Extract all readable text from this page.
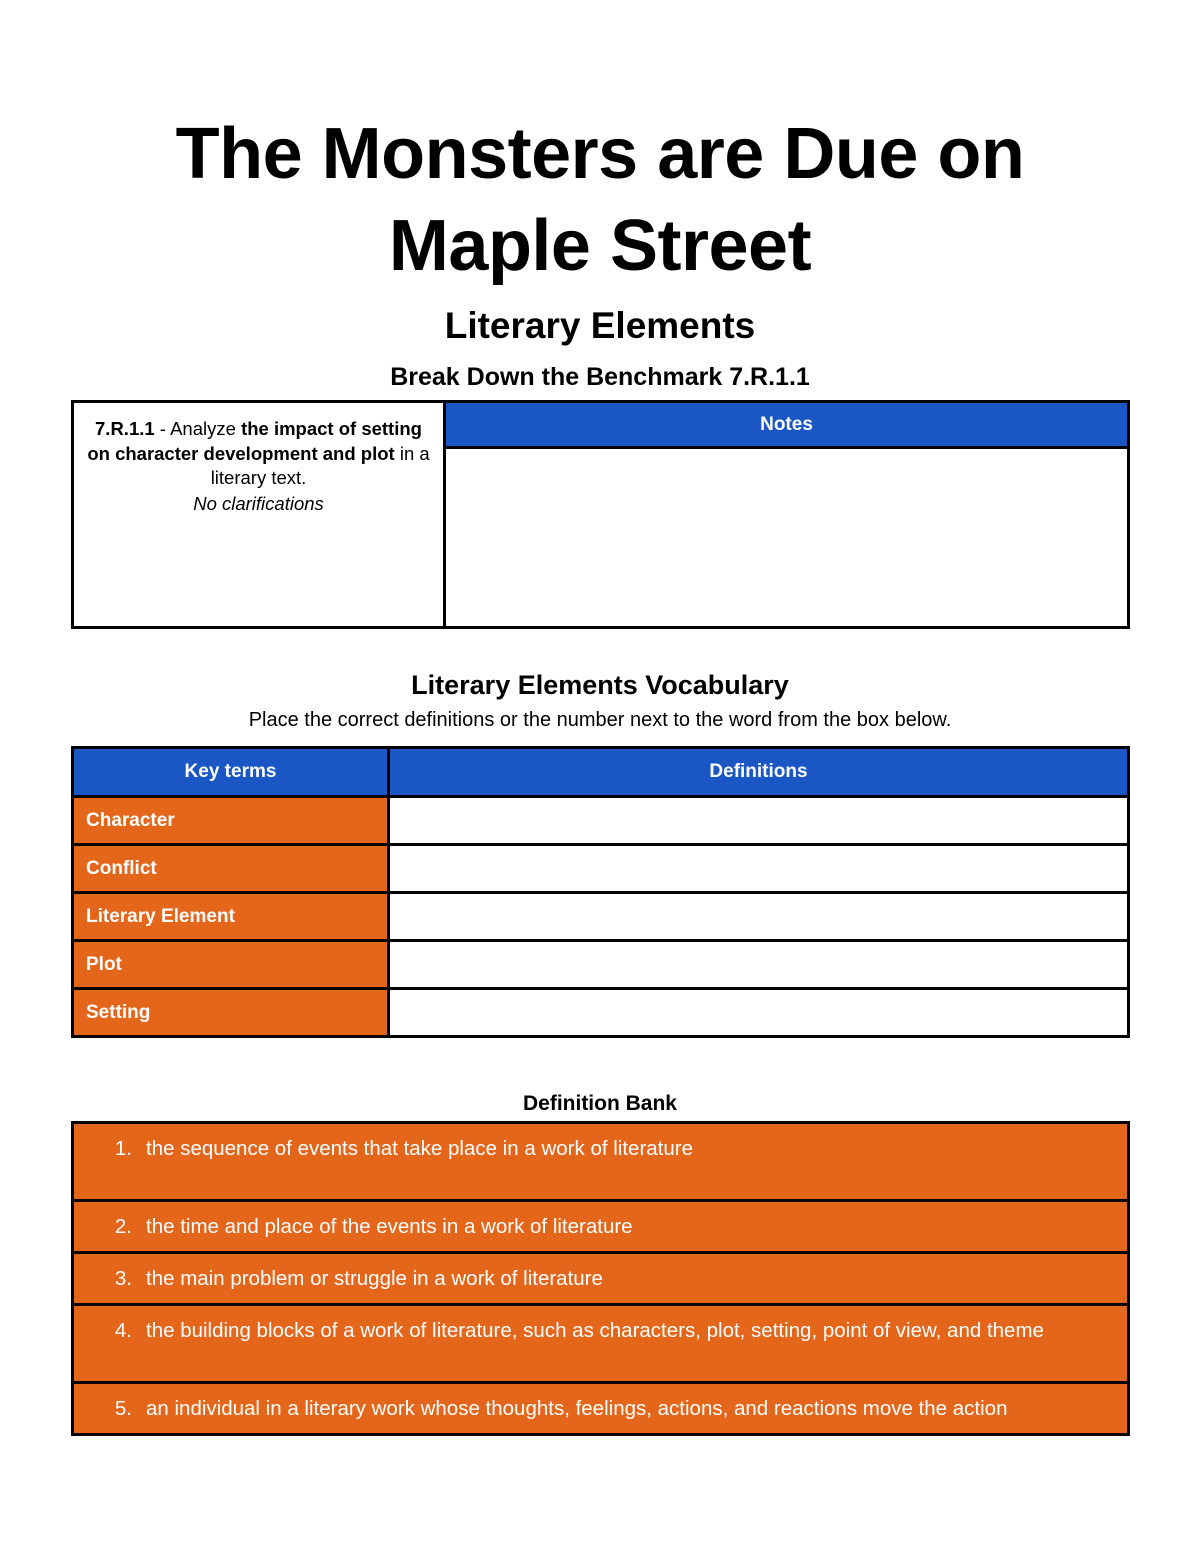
The Monsters are Due on Maple Street
Literary Elements
Break Down the Benchmark 7.R.1.1
7.R.1.1 - Analyze the impact of setting on character development and plot in a literary text.
No clarifications
Notes
Literary Elements Vocabulary
Place the correct definitions or the number next to the word from the box below.
Key terms	Definitions
Character	
Conflict	
Literary Element	
Plot	
Setting	
Definition Bank
1. the sequence of events that take place in a work of literature
2. the time and place of the events in a work of literature
3. the main problem or struggle in a work of literature
4. the building blocks of a work of literature, such as characters, plot, setting, point of view, and theme
5. an individual in a literary work whose thoughts, feelings, actions, and reactions move the action
